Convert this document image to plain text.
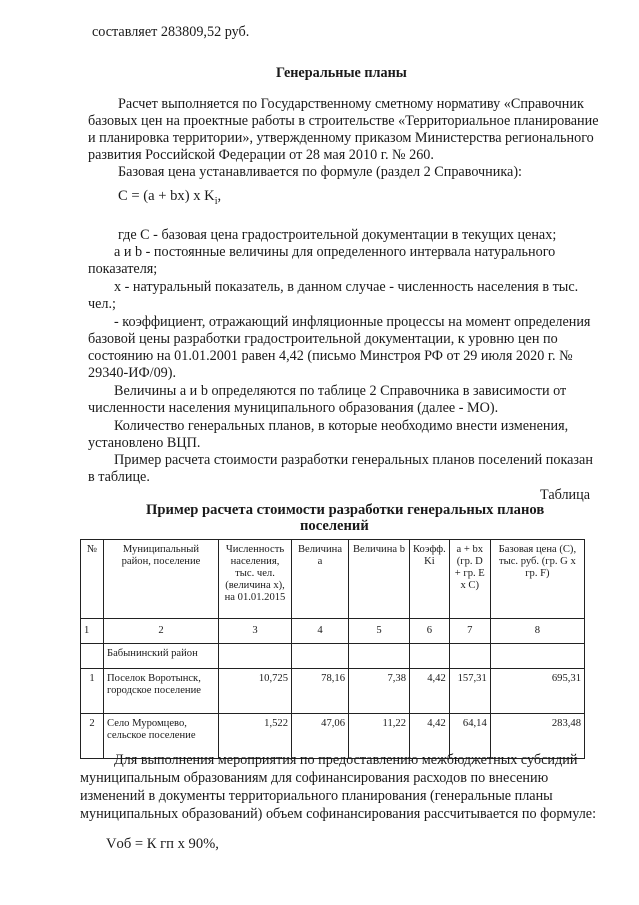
составляет 283809,52 руб.
Генеральные планы
Расчет выполняется по Государственному сметному нормативу «Справочник
базовых цен на проектные работы в строительстве «Территориальное планирование
и планировка территории», утвержденному приказом Министерства регионального
развития Российской Федерации от 28 мая 2010 г. № 260.
Базовая цена устанавливается по формуле (раздел 2 Справочника):
C = (a + bx) x $K_i$,
где С - базовая цена градостроительной документации в текущих ценах;
a и b - постоянные величины для определенного интервала натурального
показателя;
х - натуральный показатель, в данном случае - численность населения в тыс.
чел.;
- коэффициент, отражающий инфляционные процессы на момент определения
базовой цены разработки градостроительной документации, к уровню цен по
состоянию на 01.01.2001 равен 4,42 (письмо Минстроя РФ от 29 июля 2020 г. №
29340-ИФ/09).
Величины a и b определяются по таблице 2 Справочника в зависимости от
численности населения муниципального образования (далее - МО).
Количество генеральных планов, в которые необходимо внести изменения,
установлено ВЦП.
Пример расчета стоимости разработки генеральных планов поселений показан
в таблице.
Таблица
Пример расчета стоимости разработки генеральных планов
поселений
№	Муниципальный район, поселение	Численность населения, тыс. чел. (величина х), на 01.01.2015	Величина a	Величина b	Коэфф. Ki	a + bx (гр. D + гр. E x C)	Базовая цена (С), тыс. руб. (гр. G x гр. F)
1	2	3	4	5	6	7	8
	Бабынинский район						
1	Поселок Воротынск, городское поселение	10,725	78,16	7,38	4,42	157,31	695,31
2	Село Муромцево, сельское поселение	1,522	47,06	11,22	4,42	64,14	283,48
Для выполнения мероприятия по предоставлению межбюджетных субсидий
муниципальным образованиям для софинансирования расходов по внесению
изменений в документы территориального планирования (генеральные планы
муниципальных образований) объем софинансирования рассчитывается по формуле:
Vоб = К гп х 90%,
